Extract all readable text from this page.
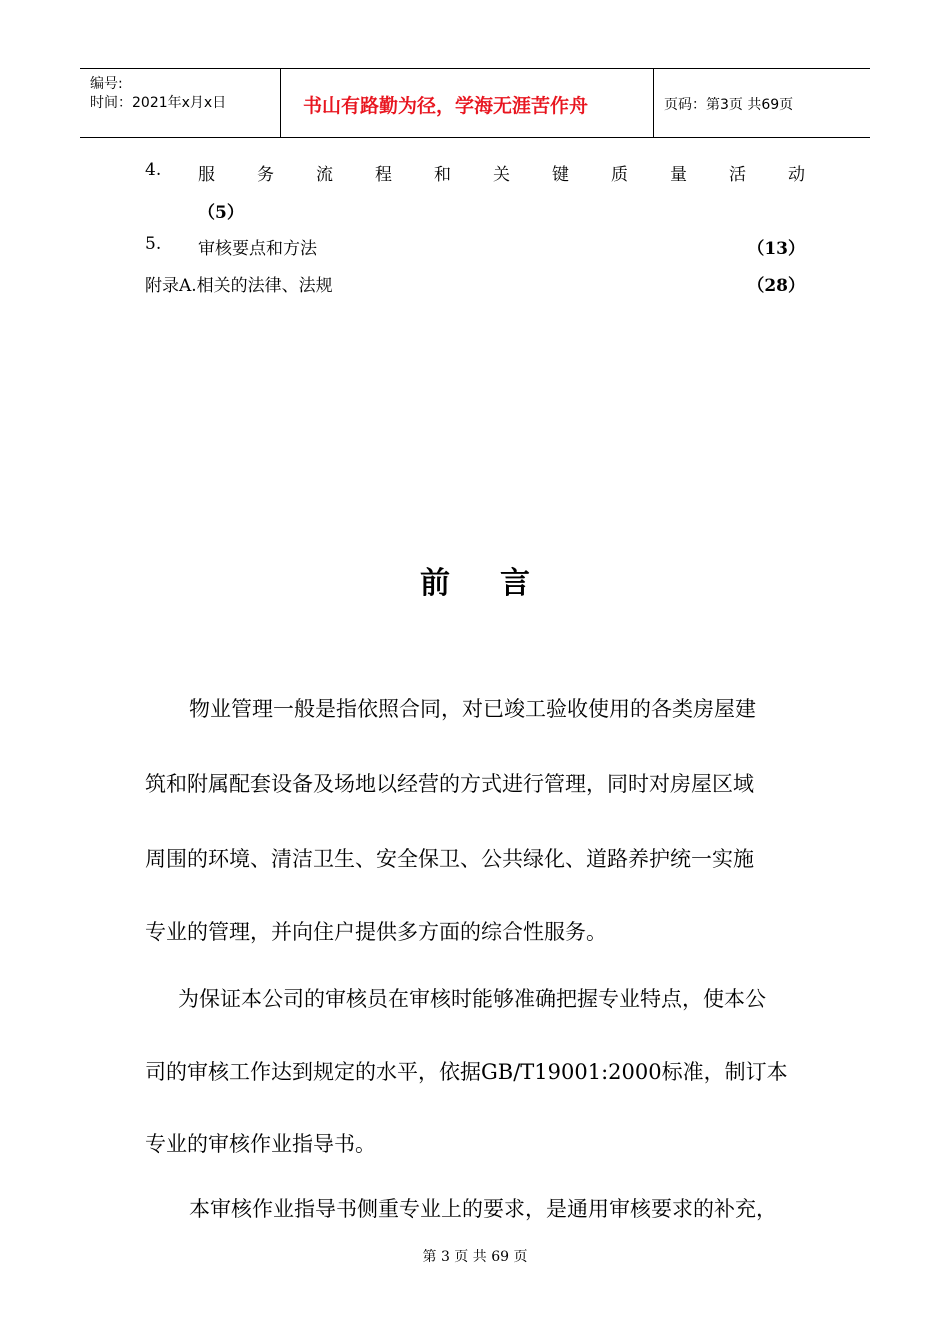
编号:
时间：2021年x月x日	书山有路勤为径，学海无涯苦作舟	页码：第3页 共69页
4. 服 务 流 程 和 关 键 质 量 活 动
（5）
5. 审核要点和方法	（13）
附录A.相关的法律、法规	（28）
前言
物业管理一般是指依照合同，对已竣工验收使用的各类房屋建
筑和附属配套设备及场地以经营的方式进行管理，同时对房屋区域
周围的环境、清洁卫生、安全保卫、公共绿化、道路养护统一实施
专业的管理，并向住户提供多方面的综合性服务。
为保证本公司的审核员在审核时能够准确把握专业特点，使本公
司的审核工作达到规定的水平，依据GB/T19001:2000标准，制订本
专业的审核作业指导书。
本审核作业指导书侧重专业上的要求，是通用审核要求的补充，
第 3 页 共 69 页
